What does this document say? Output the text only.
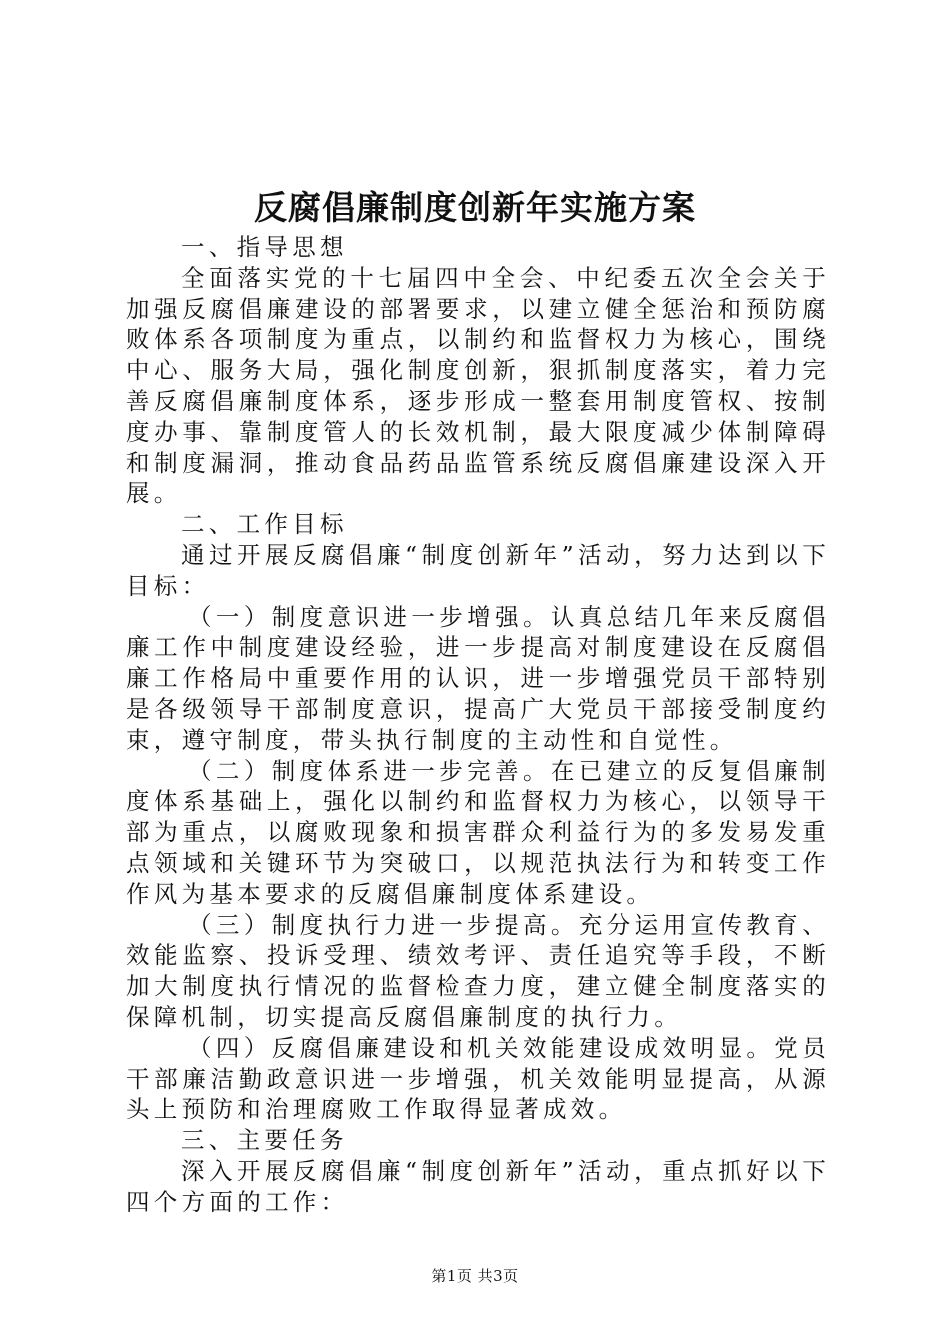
反腐倡廉制度创新年实施方案

一、指导思想

全面落实党的十七届四中全会、中纪委五次全会关于加强反腐倡廉建设的部署要求，以建立健全惩治和预防腐败体系各项制度为重点，以制约和监督权力为核心，围绕中心、服务大局，强化制度创新，狠抓制度落实，着力完善反腐倡廉制度体系，逐步形成一整套用制度管权、按制度办事、靠制度管人的长效机制，最大限度减少体制障碍和制度漏洞，推动食品药品监管系统反腐倡廉建设深入开展。

二、工作目标

通过开展反腐倡廉“制度创新年”活动，努力达到以下目标：

（一）制度意识进一步增强。认真总结几年来反腐倡廉工作中制度建设经验，进一步提高对制度建设在反腐倡廉工作格局中重要作用的认识，进一步增强党员干部特别是各级领导干部制度意识，提高广大党员干部接受制度约束，遵守制度，带头执行制度的主动性和自觉性。

（二）制度体系进一步完善。在已建立的反复倡廉制度体系基础上，强化以制约和监督权力为核心，以领导干部为重点，以腐败现象和损害群众利益行为的多发易发重点领域和关键环节为突破口，以规范执法行为和转变工作作风为基本要求的反腐倡廉制度体系建设。

（三）制度执行力进一步提高。充分运用宣传教育、效能监察、投诉受理、绩效考评、责任追究等手段，不断加大制度执行情况的监督检查力度，建立健全制度落实的保障机制，切实提高反腐倡廉制度的执行力。

（四）反腐倡廉建设和机关效能建设成效明显。党员干部廉洁勤政意识进一步增强，机关效能明显提高，从源头上预防和治理腐败工作取得显著成效。

三、主要任务

深入开展反腐倡廉“制度创新年”活动，重点抓好以下四个方面的工作：

第1页 共3页
